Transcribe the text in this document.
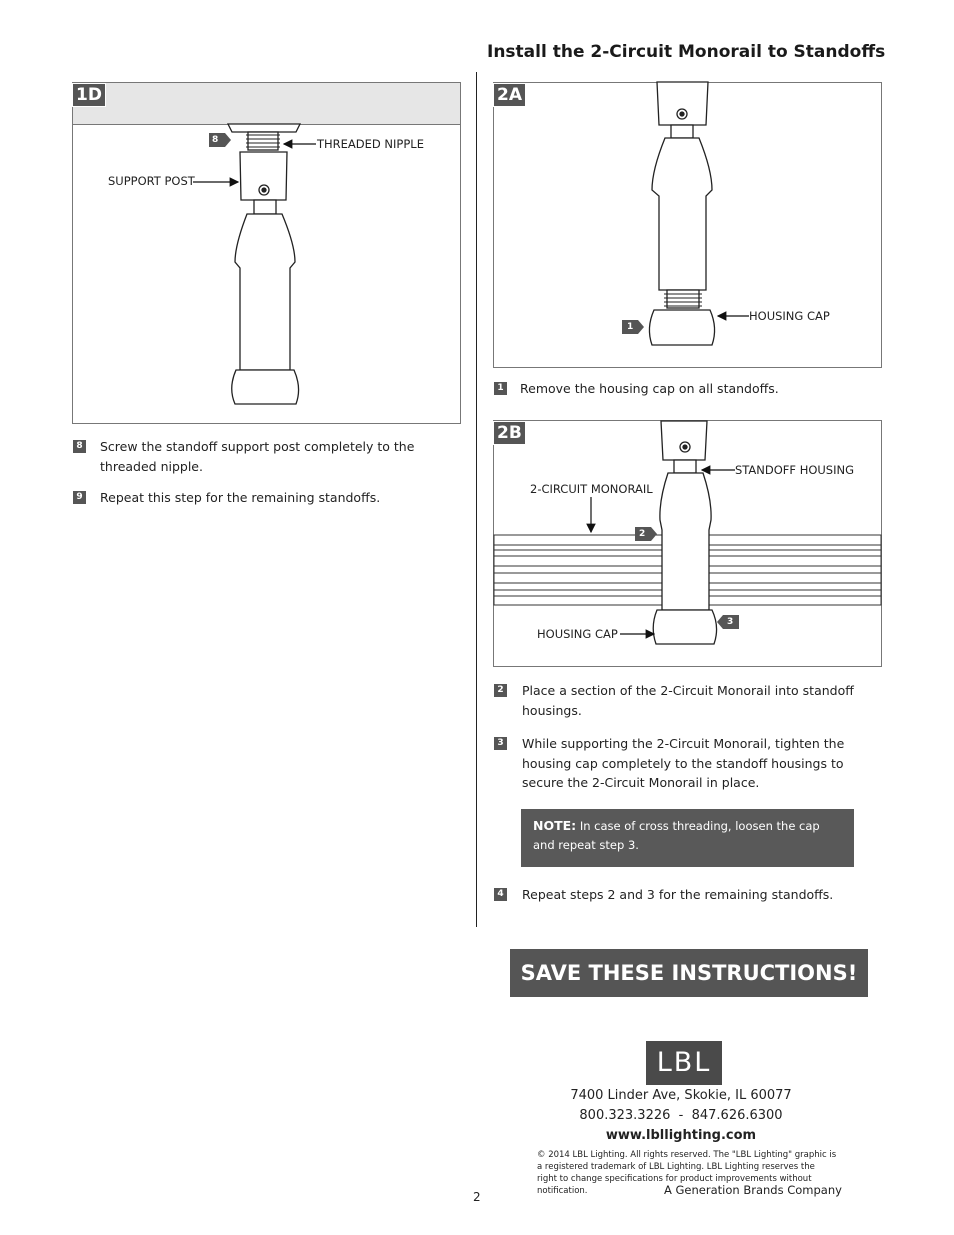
Install the 2-Circuit Monorail to Standoffs
1D	2A
2B
THREADED NIPPLE
SUPPORT POST
8
HOUSING CAP
1
STANDOFF HOUSING
2-CIRCUIT MONORAIL
HOUSING CAP
2
3
8 Screw the standoff support post completely to the threaded nipple.
9 Repeat this step for the remaining standoffs.
1 Remove the housing cap on all standoffs.
2 Place a section of the 2-Circuit Monorail into standoff housings.
3 While supporting the 2-Circuit Monorail, tighten the housing cap completely to the standoff housings to secure the 2-Circuit Monorail in place.
NOTE: In case of cross threading, loosen the cap and repeat step 3.
4 Repeat steps 2 and 3 for the remaining standoffs.
SAVE THESE INSTRUCTIONS!
LBL
7400 Linder Ave, Skokie, IL 60077
800.323.3226  -  847.626.6300
www.lbllighting.com
© 2014 LBL Lighting. All rights reserved. The "LBL Lighting" graphic is a registered trademark of LBL Lighting. LBL Lighting reserves the right to change specifications for product improvements without notification.	A Generation Brands Company
2
